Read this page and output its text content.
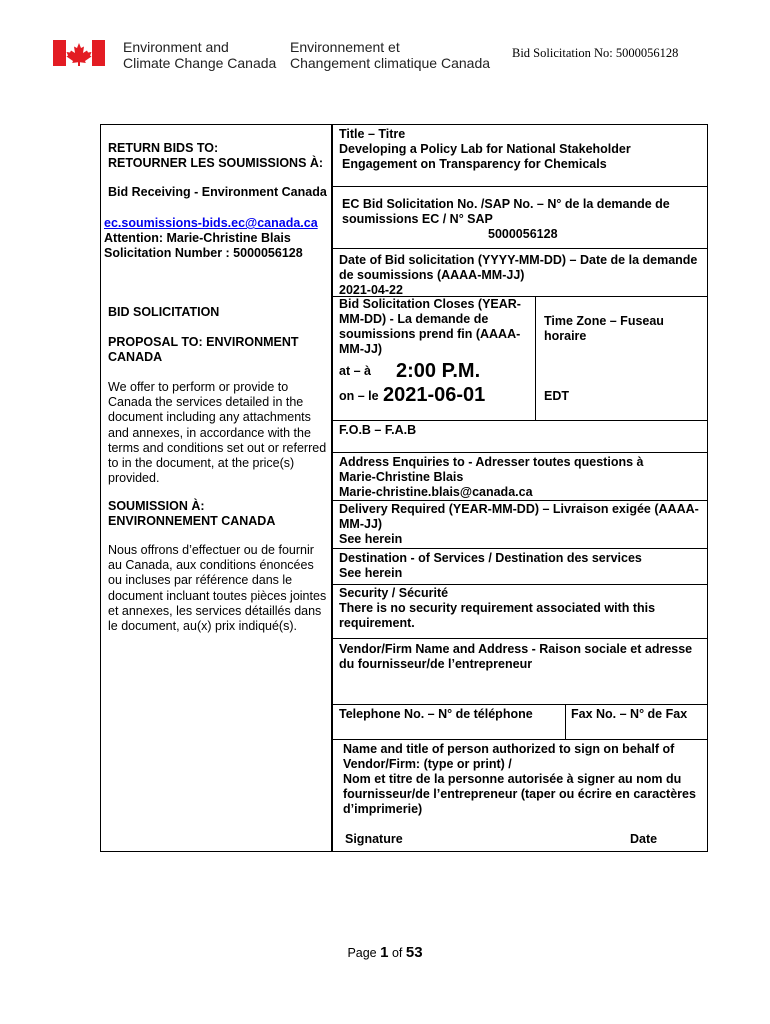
Environment and
Climate Change Canada
Environnement et
Changement climatique Canada
Bid Solicitation No: 5000056128
RETURN BIDS TO:
RETOURNER LES SOUMISSIONS À:
Bid Receiving - Environment Canada
ec.soumissions-bids.ec@canada.ca
Attention: Marie-Christine Blais
Solicitation Number : 5000056128
BID SOLICITATION
PROPOSAL TO: ENVIRONMENT
CANADA
We offer to perform or provide to
Canada the services detailed in the
document including any attachments
and annexes, in accordance with the
terms and conditions set out or referred
to in the document, at the price(s)
provided.
SOUMISSION À:
ENVIRONNEMENT CANADA
Nous offrons d’effectuer ou de fournir
au Canada, aux conditions énoncées
ou incluses par référence dans le
document incluant toutes pièces jointes
et annexes, les services détaillés dans
le document, au(x) prix indiqué(s).
Title – Titre
Developing a Policy Lab for National Stakeholder
Engagement on Transparency for Chemicals
EC Bid Solicitation No. /SAP No. – N° de la demande de
soumissions EC / N° SAP
5000056128
Date of Bid solicitation (YYYY-MM-DD) – Date de la demande
de soumissions (AAAA-MM-JJ)
2021-04-22
Bid Solicitation Closes (YEAR-
MM-DD) - La demande de
soumissions prend fin (AAAA-
MM-JJ)
at – à 2:00 P.M.
on – le 2021-06-01
Time Zone – Fuseau
horaire
EDT
F.O.B – F.A.B
Address Enquiries to - Adresser toutes questions à
Marie-Christine Blais
Marie-christine.blais@canada.ca
Delivery Required (YEAR-MM-DD) – Livraison exigée (AAAA-
MM-JJ)
See herein
Destination - of Services / Destination des services
See herein
Security / Sécurité
There is no security requirement associated with this
requirement.
Vendor/Firm Name and Address - Raison sociale et adresse
du fournisseur/de l’entrepreneur
Telephone No. – N° de téléphone	Fax No. – N° de Fax
Name and title of person authorized to sign on behalf of
Vendor/Firm: (type or print) /
Nom et titre de la personne autorisée à signer au nom du
fournisseur/de l’entrepreneur (taper ou écrire en caractères
d’imprimerie)
Signature	Date
Page 1 of 53
